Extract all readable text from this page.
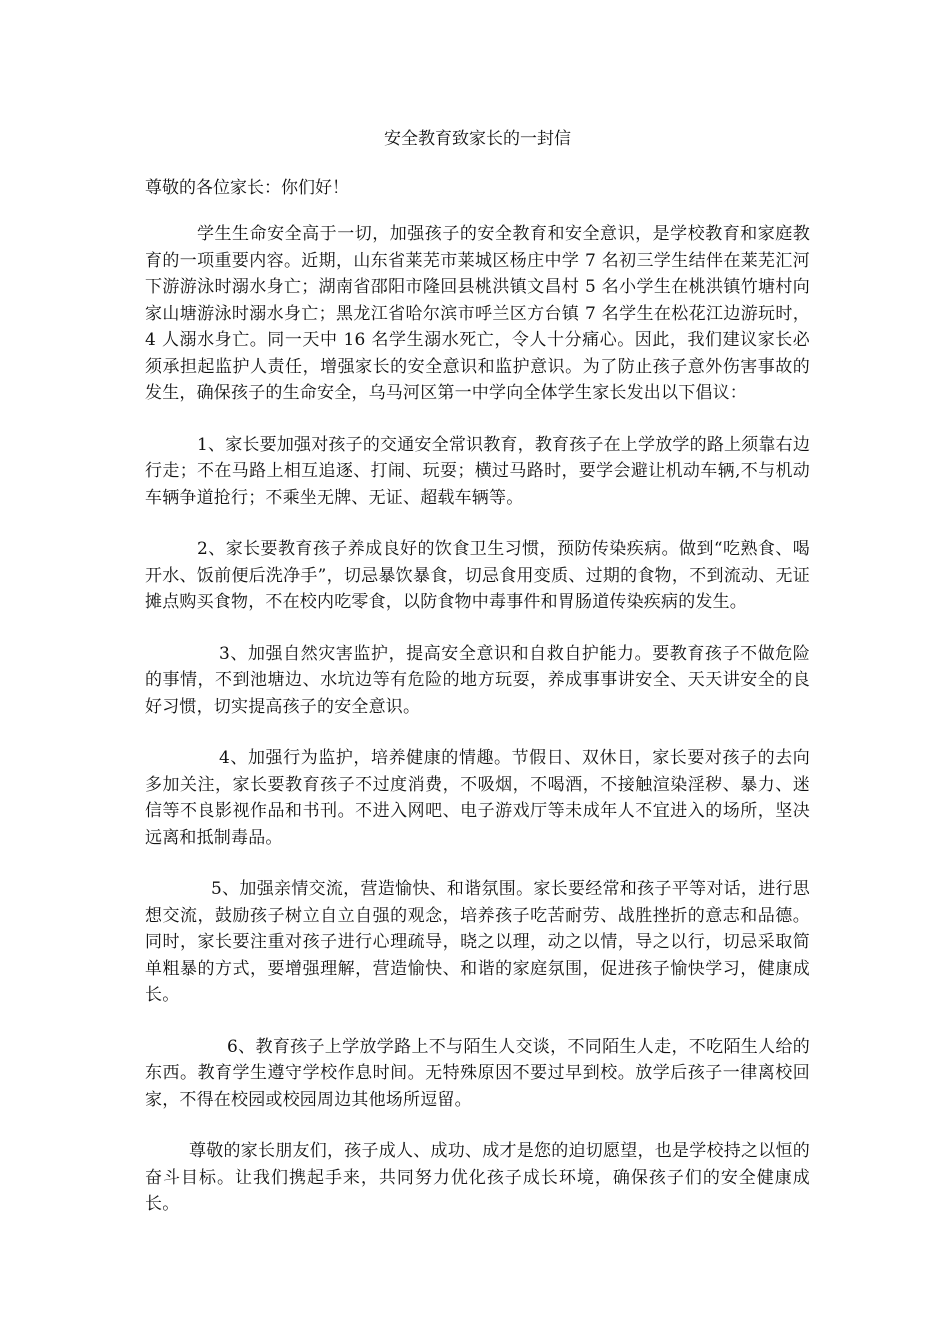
安全教育致家长的一封信
尊敬的各位家长：你们好！

学生生命安全高于一切，加强孩子的安全教育和安全意识，是学校教育和家庭教育的一项重要内容。近期，山东省莱芜市莱城区杨庄中学 7 名初三学生结伴在莱芜汇河下游游泳时溺水身亡；湖南省邵阳市隆回县桃洪镇文昌村 5 名小学生在桃洪镇竹塘村向家山塘游泳时溺水身亡；黑龙江省哈尔滨市呼兰区方台镇 7 名学生在松花江边游玩时，4 人溺水身亡。同一天中 16 名学生溺水死亡，令人十分痛心。因此，我们建议家长必须承担起监护人责任，增强家长的安全意识和监护意识。为了防止孩子意外伤害事故的发生，确保孩子的生命安全，乌马河区第一中学向全体学生家长发出以下倡议：

1、家长要加强对孩子的交通安全常识教育，教育孩子在上学放学的路上须靠右边行走；不在马路上相互追逐、打闹、玩耍；横过马路时，要学会避让机动车辆,不与机动车辆争道抢行；不乘坐无牌、无证、超载车辆等。

2、家长要教育孩子养成良好的饮食卫生习惯，预防传染疾病。做到“吃熟食、喝开水、饭前便后洗净手”，切忌暴饮暴食，切忌食用变质、过期的食物，不到流动、无证摊点购买食物，不在校内吃零食，以防食物中毒事件和胃肠道传染疾病的发生。

3、加强自然灾害监护，提高安全意识和自救自护能力。要教育孩子不做危险的事情，不到池塘边、水坑边等有危险的地方玩耍，养成事事讲安全、天天讲安全的良好习惯，切实提高孩子的安全意识。

4、加强行为监护，培养健康的情趣。节假日、双休日，家长要对孩子的去向多加关注，家长要教育孩子不过度消费，不吸烟，不喝酒，不接触渲染淫秽、暴力、迷信等不良影视作品和书刊。不进入网吧、电子游戏厅等未成年人不宜进入的场所，坚决远离和抵制毒品。

5、加强亲情交流，营造愉快、和谐氛围。家长要经常和孩子平等对话，进行思想交流，鼓励孩子树立自立自强的观念，培养孩子吃苦耐劳、战胜挫折的意志和品德。同时，家长要注重对孩子进行心理疏导，晓之以理，动之以情，导之以行，切忌采取简单粗暴的方式，要增强理解，营造愉快、和谐的家庭氛围，促进孩子愉快学习，健康成长。

6、教育孩子上学放学路上不与陌生人交谈，不同陌生人走，不吃陌生人给的东西。教育学生遵守学校作息时间。无特殊原因不要过早到校。放学后孩子一律离校回家，不得在校园或校园周边其他场所逗留。

尊敬的家长朋友们，孩子成人、成功、成才是您的迫切愿望，也是学校持之以恒的奋斗目标。让我们携起手来，共同努力优化孩子成长环境，确保孩子们的安全健康成长。
